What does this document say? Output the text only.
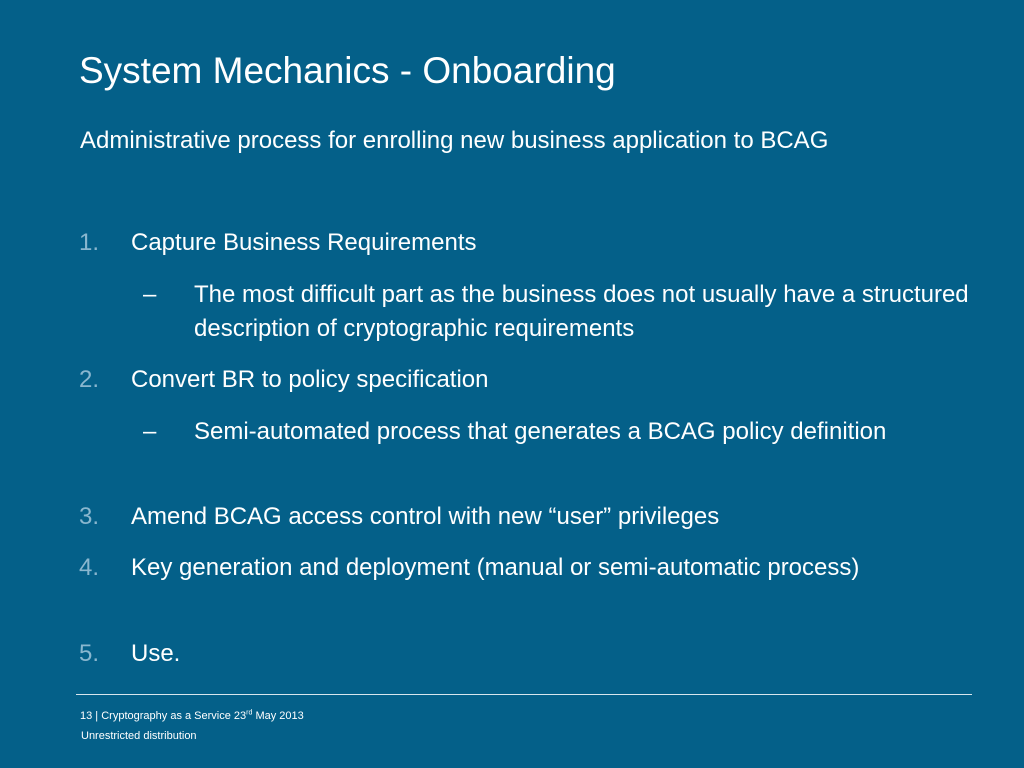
System Mechanics - Onboarding
Administrative process for enrolling new business application to BCAG
1. Capture Business Requirements
– The most difficult part as the business does not usually have a structured description of cryptographic requirements
2. Convert BR to policy specification
– Semi-automated process that generates a BCAG policy definition
3. Amend BCAG access control with new “user” privileges
4. Key generation and deployment (manual or semi-automatic process)
5. Use.
13 | Cryptography as a Service 23rd May 2013
Unrestricted distribution
